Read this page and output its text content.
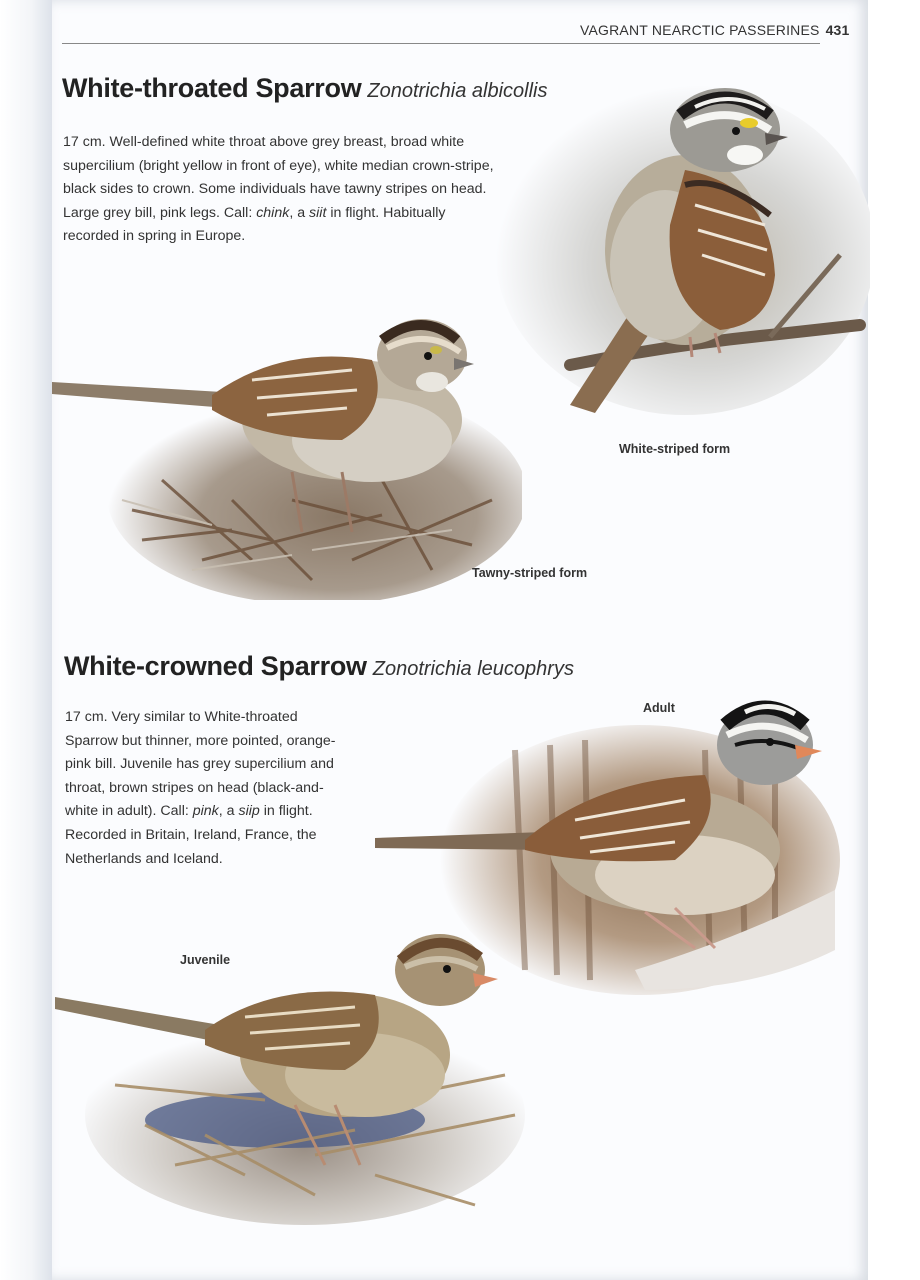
VAGRANT NEARCTIC PASSERINES 431
White-throated Sparrow Zonotrichia albicollis

17 cm. Well-defined white throat above grey breast, broad white supercilium (bright yellow in front of eye), white median crown-stripe, black sides to crown. Some individuals have tawny stripes on head. Large grey bill, pink legs. Call: chink, a siit in flight. Habitually recorded in spring in Europe.

White-striped form
Tawny-striped form
White-crowned Sparrow Zonotrichia leucophrys

17 cm. Very similar to White-throated Sparrow but thinner, more pointed, orange-pink bill. Juvenile has grey supercilium and throat, brown stripes on head (black-and-white in adult). Call: pink, a siip in flight. Recorded in Britain, Ireland, France, the Netherlands and Iceland.

Adult
Juvenile
